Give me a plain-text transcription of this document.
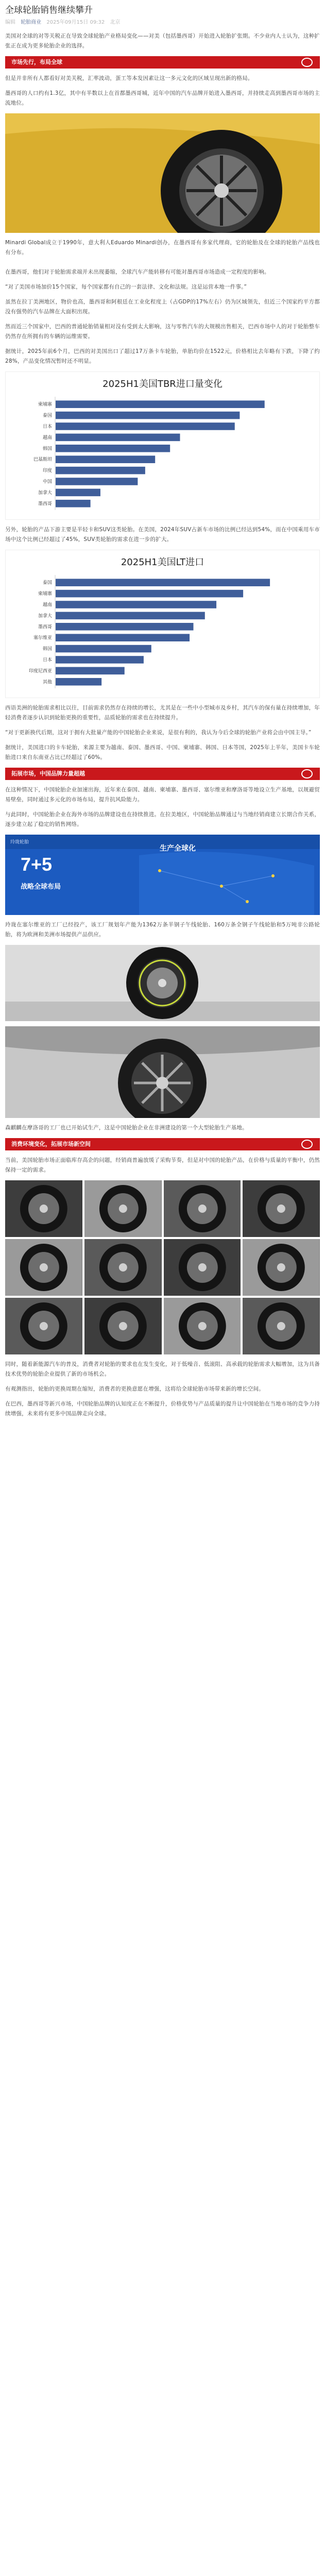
全球轮胎销售继续攀升
编辑 轮胎商业 2025年09月15日 09:32 北京

美国对全球的对等关税正在导致全球轮胎产业格局变化——对美（包括墨西哥）开始进入轮胎扩张期。不少业内人士认为，这种扩张正在成为更多轮胎企业的选择。

市场先行，布局全球

但是并非所有人都看好对美关税，汇率波动，蛋工等本发因素让这一多元文化的区域呈现出新的格局。

墨西哥的人口约有1.3亿，其中有半数以上在首都墨西哥城，近年中国的汽车品牌开始进入墨西哥，并持续走高到墨西哥市场的主流地位。

Minardi Global成立于1990年，意大利人Eduardo Minardi创办，在墨西哥有多家代理商，它的轮胎及在全球的轮胎产品线也有分布。

在墨西哥，他们对于轮胎需求端并未出现萎缩，全球汽车产能转移有可能对墨西哥市场造成一定程度的影响。

“对了美国市场加价15个国家，每个国家都有自己的一套法律、文化和法规。这是运营本地一件事。”

虽然在拉丁美洲地区，物价也高，墨西哥和阿根廷在工业化程度上（占GDP的17%左右）仍为区域领先，但近三个国家约平方都没有强势的汽车品牌在大面积出现。

然而近三个国家中，巴西的普通轮胎销量相对没有受到太大影响，这与零售汽车的大规模出售相关，巴西市场中人的对于轮胎整车仍然存在所拥有的车辆的运维需要。

据统计，2025年前6个月，巴西的对美国出口了超过17万条卡车轮胎，单胎均价在1522元，价格相比去年略有下跌，下降了约28%，产品变化情况暂时还不明显。

2025H1美国TBR进口量变化
柬埔寨
泰国
日本
越南
韩国
巴基斯坦
印度
中国
加拿大
墨西哥

另外，轮胎的产品下游主要是半轻卡和SUV这类轮胎。在美国，2024年SUV占新车市场的比例已经达到54%，而在中国乘用车市场中这个比例已经超过了45%，SUV类轮胎的需求在进一步的扩大。

2025H1美国LT进口
泰国
柬埔寨
越南
加拿大
墨西哥
塞尔维亚
韩国
日本
印度尼西亚
其他

西语美洲的轮胎需求相比以往，目前需求仍然存在持续的增长，尤其是在一些中小型城市及乡村，其汽车的保有量在持续增加，年轻消费者逐步认识到轮胎更换的重要性，品质轮胎的需求也在持续提升。

“对于更新换代后期，这对于拥有大批量产能的中国轮胎企业来说，是很有利的，我认为今后全球的轮胎产业将会由中国主导。”

据统计，美国进口的卡车轮胎，来源主要为越南、泰国、墨西哥、中国、柬埔寨、韩国、日本等国，2025年上半年，美国卡车轮胎进口来自东南亚占比已经超过了60%。

拓展市场，中国品牌力量超越

在这种情况下，中国轮胎企业加速出海，近年来在泰国、越南、柬埔寨、墨西哥、塞尔维亚和摩洛哥等地设立生产基地，以规避贸易壁垒，同时通过多元化的市场布局，提升抗风险能力。

与此同时，中国轮胎企业在海外市场的品牌建设也在持续推进。在拉美地区，中国轮胎品牌通过与当地经销商建立长期合作关系，逐步建立起了稳定的销售网络。

玲珑轮胎
生产全球化
7+5
战略全球布局

玲珑在塞尔维亚的工厂已经投产，该工厂规划年产能为1362万条半钢子午线轮胎、160万条全钢子午线轮胎和5万吨非公路轮胎，将为欧洲和美洲市场提供产品供应。

森麒麟在摩洛哥的工厂也已开始试生产，这是中国轮胎企业在非洲建设的第一个大型轮胎生产基地。

消费环境变化，拓展市场新空间

当前，美国轮胎市场正面临库存高企的问题，经销商普遍放缓了采购节奏，但是对中国的轮胎产品，在价格与质量的平衡中，仍然保持一定的需求。

同时，随着新能源汽车的普及，消费者对轮胎的要求也在发生变化，对于低噪音、低滚阻、高承载的轮胎需求大幅增加，这为具备技术优势的轮胎企业提供了新的市场机会。

有观测指出，轮胎的更换周期在缩短，消费者的更换意愿在增强，这将给全球轮胎市场带来新的增长空间。

在巴西，墨西哥等新兴市场，中国轮胎品牌的认知度正在不断提升，价格优势与产品质量的提升让中国轮胎在当地市场的竞争力持续增强，未来将有更多中国品牌走向全球。
